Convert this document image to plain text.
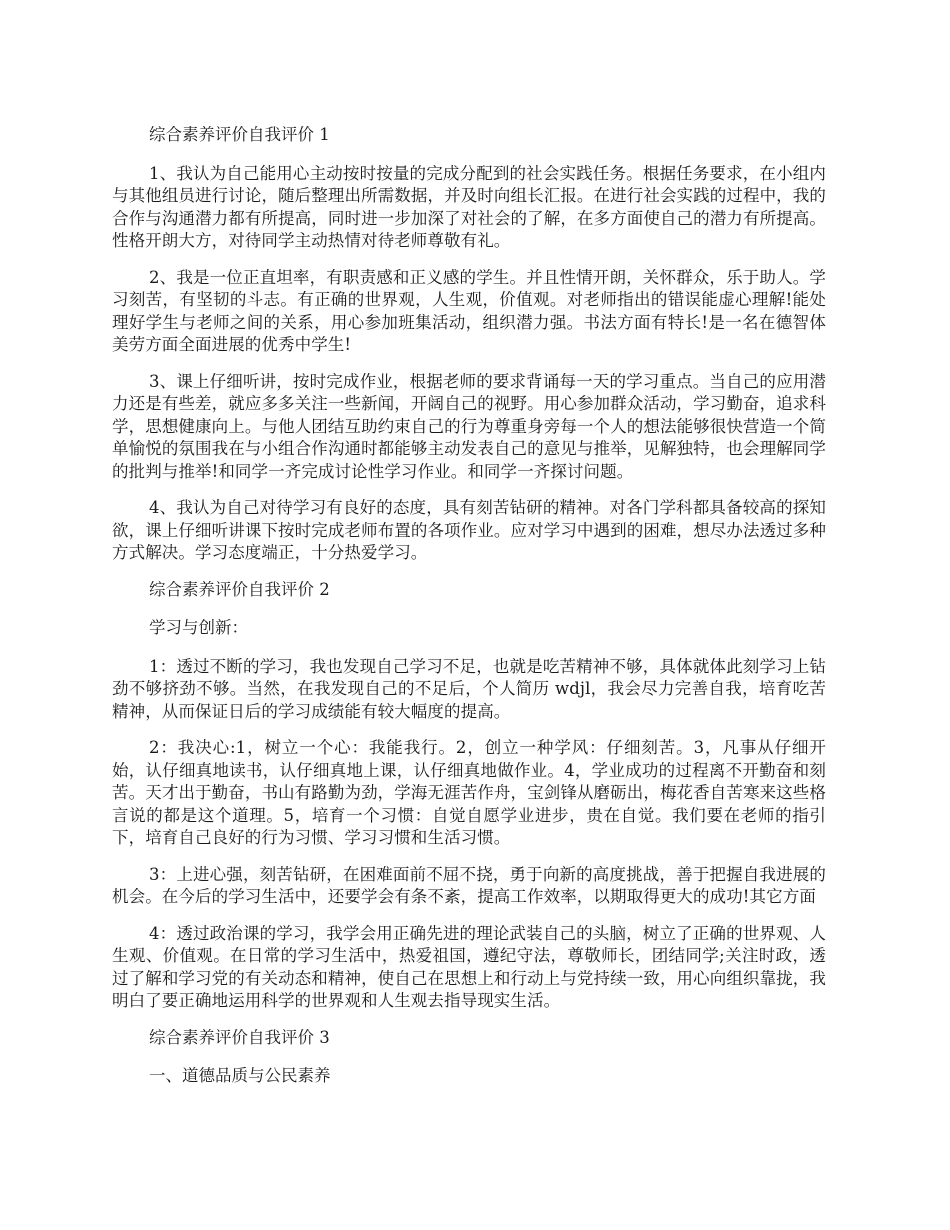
综合素养评价自我评价 1

1、我认为自己能用心主动按时按量的完成分配到的社会实践任务。根据任务要求，在小组内与其他组员进行讨论，随后整理出所需数据，并及时向组长汇报。在进行社会实践的过程中，我的合作与沟通潜力都有所提高，同时进一步加深了对社会的了解，在多方面使自己的潜力有所提高。性格开朗大方，对待同学主动热情对待老师尊敬有礼。

2、我是一位正直坦率，有职责感和正义感的学生。并且性情开朗，关怀群众，乐于助人。学习刻苦，有坚韧的斗志。有正确的世界观，人生观，价值观。对老师指出的错误能虚心理解!能处理好学生与老师之间的关系，用心参加班集活动，组织潜力强。书法方面有特长!是一名在德智体美劳方面全面进展的优秀中学生!

3、课上仔细听讲，按时完成作业，根据老师的要求背诵每一天的学习重点。当自己的应用潜力还是有些差，就应多多关注一些新闻，开阔自己的视野。用心参加群众活动，学习勤奋，追求科学，思想健康向上。与他人团结互助约束自己的行为尊重身旁每一个人的想法能够很快营造一个简单愉悦的氛围我在与小组合作沟通时都能够主动发表自己的意见与推举，见解独特，也会理解同学的批判与推举!和同学一齐完成讨论性学习作业。和同学一齐探讨问题。

4、我认为自己对待学习有良好的态度，具有刻苦钻研的精神。对各门学科都具备较高的探知欲，课上仔细听讲课下按时完成老师布置的各项作业。应对学习中遇到的困难，想尽办法透过多种方式解决。学习态度端正，十分热爱学习。

综合素养评价自我评价 2
学习与创新：

1：透过不断的学习，我也发现自己学习不足，也就是吃苦精神不够，具体就体此刻学习上钻劲不够挤劲不够。当然，在我发现自己的不足后，个人简历 wdjl，我会尽力完善自我，培育吃苦精神，从而保证日后的学习成绩能有较大幅度的提高。

2：我决心:1，树立一个心：我能我行。2，创立一种学风：仔细刻苦。3，凡事从仔细开始，认仔细真地读书，认仔细真地上课，认仔细真地做作业。4，学业成功的过程离不开勤奋和刻苦。天才出于勤奋，书山有路勤为劲，学海无涯苦作舟，宝剑锋从磨砺出，梅花香自苦寒来这些格言说的都是这个道理。5，培育一个习惯：自觉自愿学业进步，贵在自觉。我们要在老师的指引下，培育自己良好的行为习惯、学习习惯和生活习惯。

3：上进心强，刻苦钻研，在困难面前不屈不挠，勇于向新的高度挑战，善于把握自我进展的机会。在今后的学习生活中，还要学会有条不紊，提高工作效率，以期取得更大的成功!其它方面

4：透过政治课的学习，我学会用正确先进的理论武装自己的头脑，树立了正确的世界观、人生观、价值观。在日常的学习生活中，热爱祖国，遵纪守法，尊敬师长，团结同学;关注时政，透过了解和学习党的有关动态和精神，使自己在思想上和行动上与党持续一致，用心向组织靠拢，我明白了要正确地运用科学的世界观和人生观去指导现实生活。

综合素养评价自我评价 3
一、道德品质与公民素养
